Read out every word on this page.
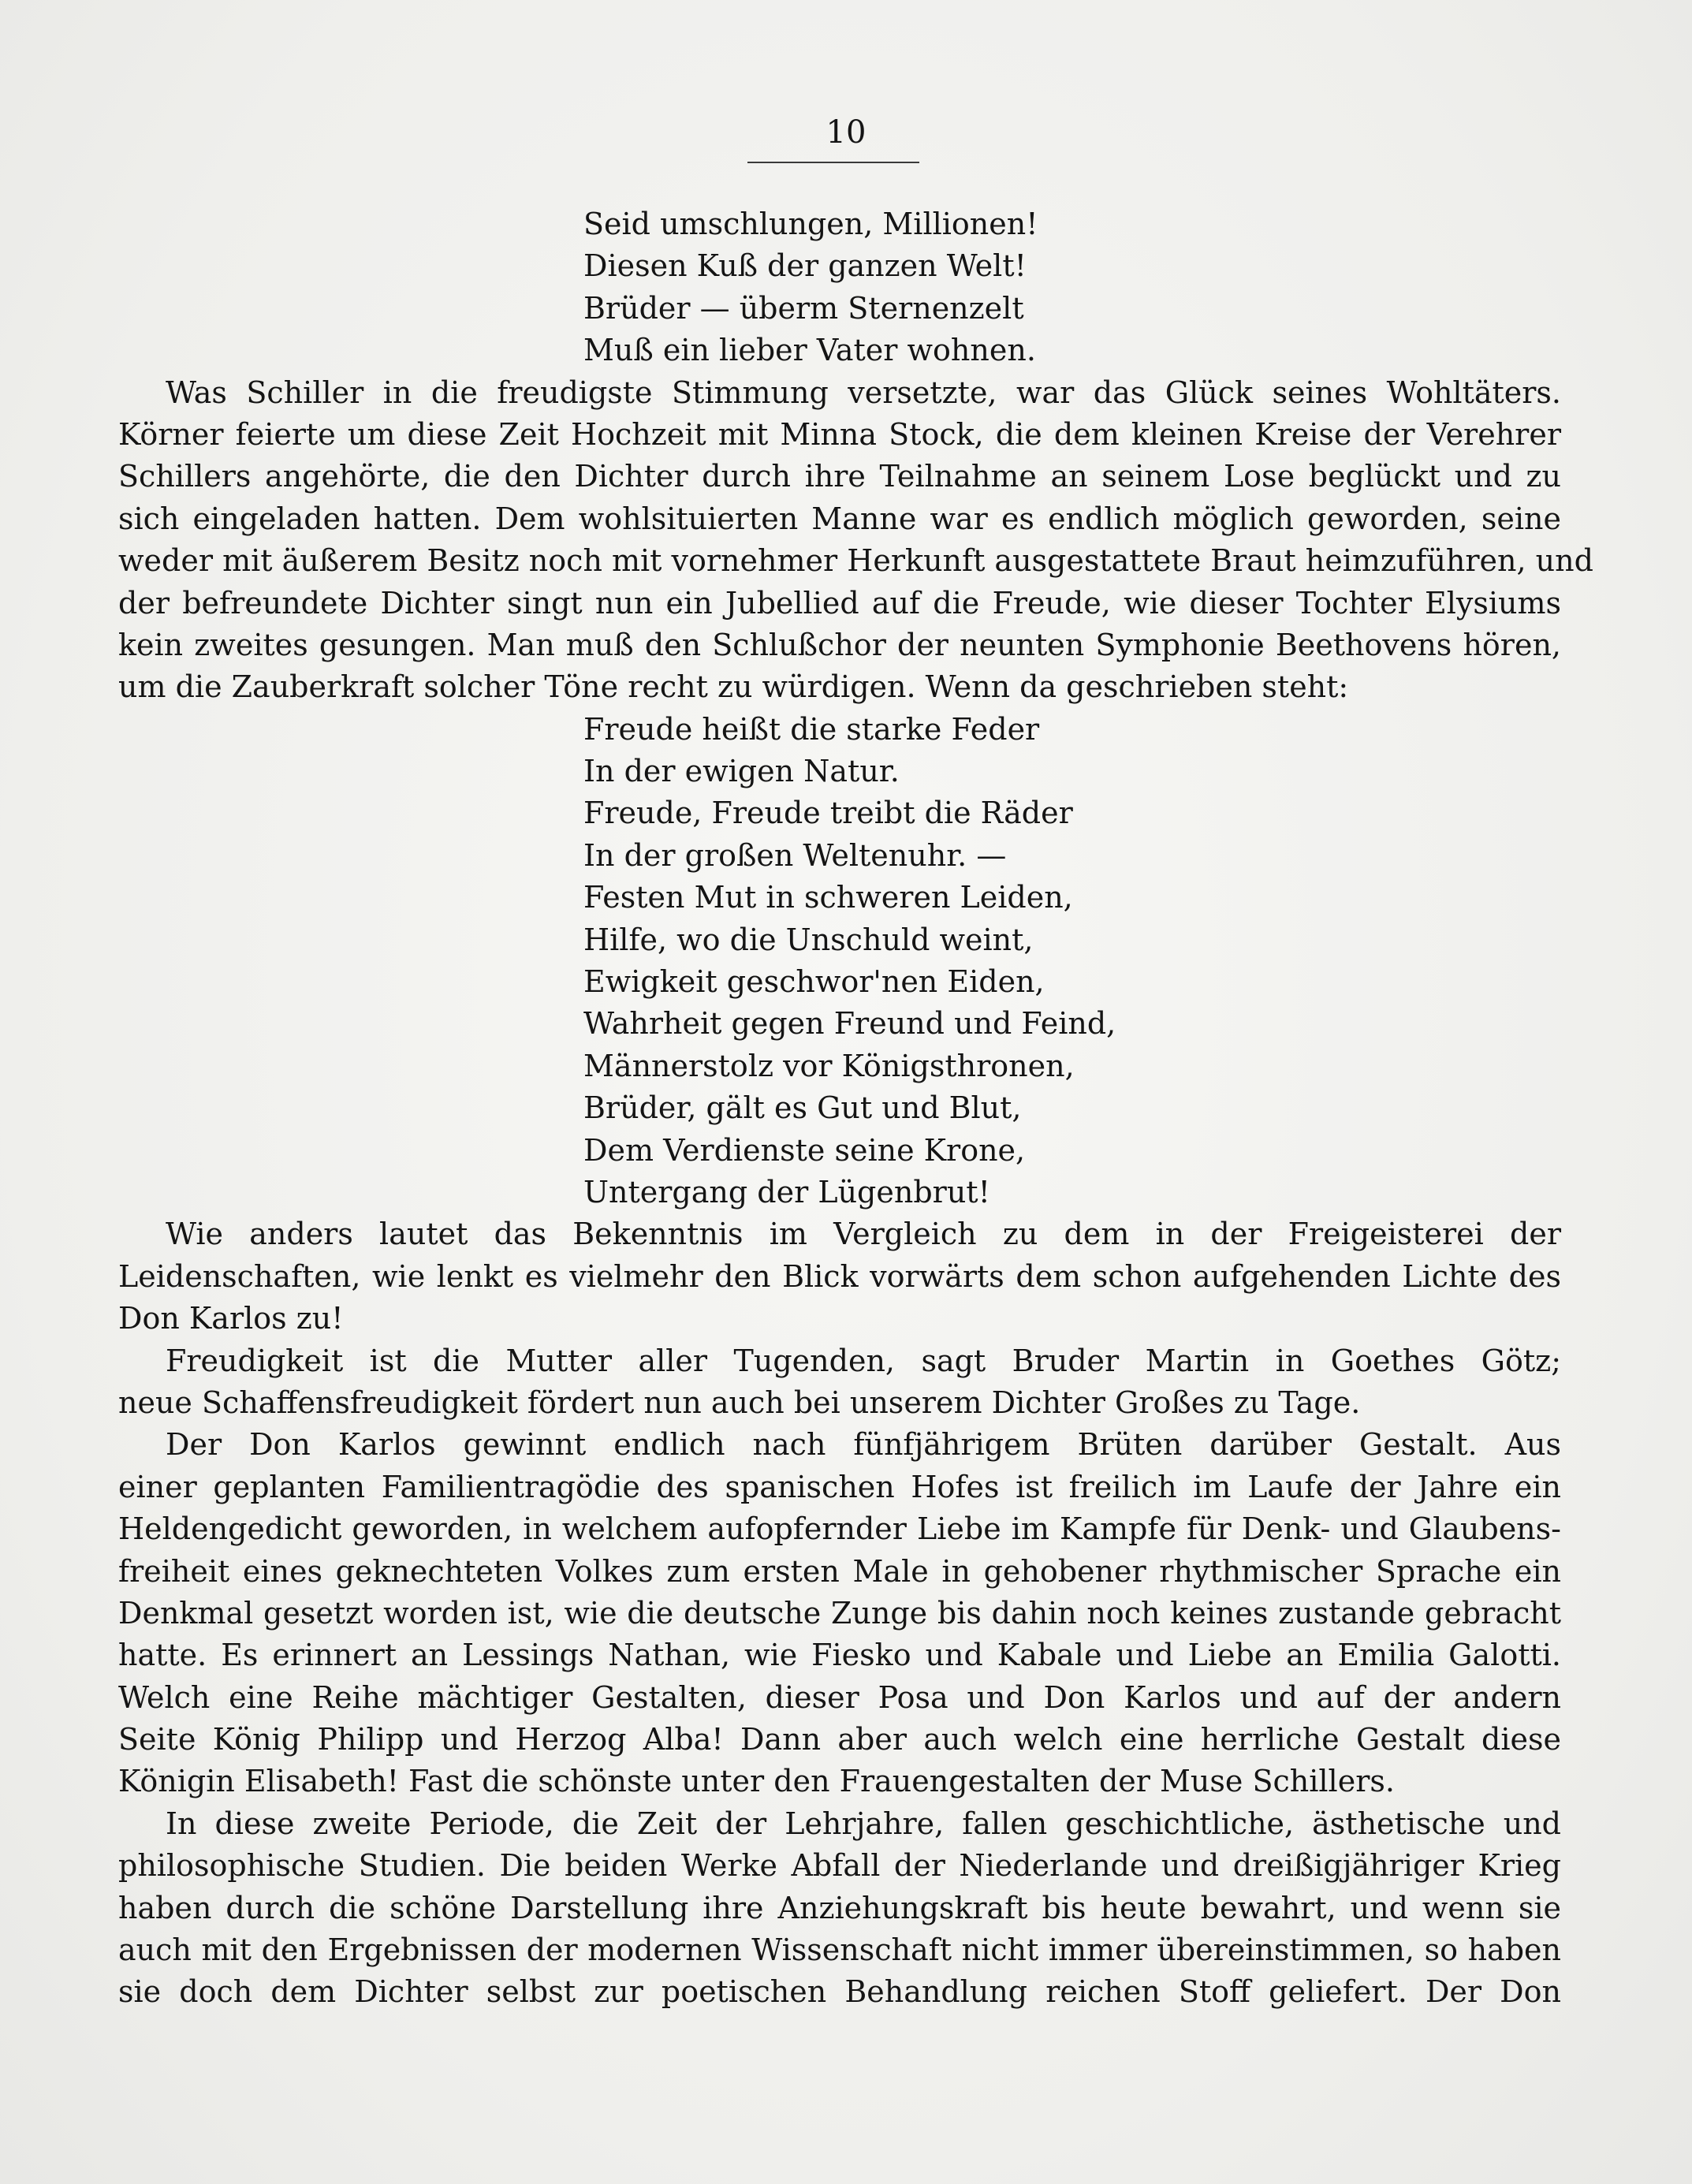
10
Seid umschlungen, Millionen!
Diesen Kuß der ganzen Welt!
Brüder — überm Sternenzelt
Muß ein lieber Vater wohnen.
Was Schiller in die freudigste Stimmung versetzte, war das Glück seines Wohltäters.
Körner feierte um diese Zeit Hochzeit mit Minna Stock, die dem kleinen Kreise der Verehrer
Schillers angehörte, die den Dichter durch ihre Teilnahme an seinem Lose beglückt und zu
sich eingeladen hatten. Dem wohlsituierten Manne war es endlich möglich geworden, seine
weder mit äußerem Besitz noch mit vornehmer Herkunft ausgestattete Braut heimzuführen, und
der befreundete Dichter singt nun ein Jubellied auf die Freude, wie dieser Tochter Elysiums
kein zweites gesungen. Man muß den Schlußchor der neunten Symphonie Beethovens hören,
um die Zauberkraft solcher Töne recht zu würdigen. Wenn da geschrieben steht:
Freude heißt die starke Feder
In der ewigen Natur.
Freude, Freude treibt die Räder
In der großen Weltenuhr. —
Festen Mut in schweren Leiden,
Hilfe, wo die Unschuld weint,
Ewigkeit geschwor'nen Eiden,
Wahrheit gegen Freund und Feind,
Männerstolz vor Königsthronen,
Brüder, gält es Gut und Blut,
Dem Verdienste seine Krone,
Untergang der Lügenbrut!
Wie anders lautet das Bekenntnis im Vergleich zu dem in der Freigeisterei der
Leidenschaften, wie lenkt es vielmehr den Blick vorwärts dem schon aufgehenden Lichte des
Don Karlos zu!
Freudigkeit ist die Mutter aller Tugenden, sagt Bruder Martin in Goethes Götz;
neue Schaffensfreudigkeit fördert nun auch bei unserem Dichter Großes zu Tage.
Der Don Karlos gewinnt endlich nach fünfjährigem Brüten darüber Gestalt. Aus
einer geplanten Familientragödie des spanischen Hofes ist freilich im Laufe der Jahre ein
Heldengedicht geworden, in welchem aufopfernder Liebe im Kampfe für Denk- und Glaubens-
freiheit eines geknechteten Volkes zum ersten Male in gehobener rhythmischer Sprache ein
Denkmal gesetzt worden ist, wie die deutsche Zunge bis dahin noch keines zustande gebracht
hatte. Es erinnert an Lessings Nathan, wie Fiesko und Kabale und Liebe an Emilia Galotti.
Welch eine Reihe mächtiger Gestalten, dieser Posa und Don Karlos und auf der andern
Seite König Philipp und Herzog Alba! Dann aber auch welch eine herrliche Gestalt diese
Königin Elisabeth! Fast die schönste unter den Frauengestalten der Muse Schillers.
In diese zweite Periode, die Zeit der Lehrjahre, fallen geschichtliche, ästhetische und
philosophische Studien. Die beiden Werke Abfall der Niederlande und dreißigjähriger Krieg
haben durch die schöne Darstellung ihre Anziehungskraft bis heute bewahrt, und wenn sie
auch mit den Ergebnissen der modernen Wissenschaft nicht immer übereinstimmen, so haben
sie doch dem Dichter selbst zur poetischen Behandlung reichen Stoff geliefert. Der Don
